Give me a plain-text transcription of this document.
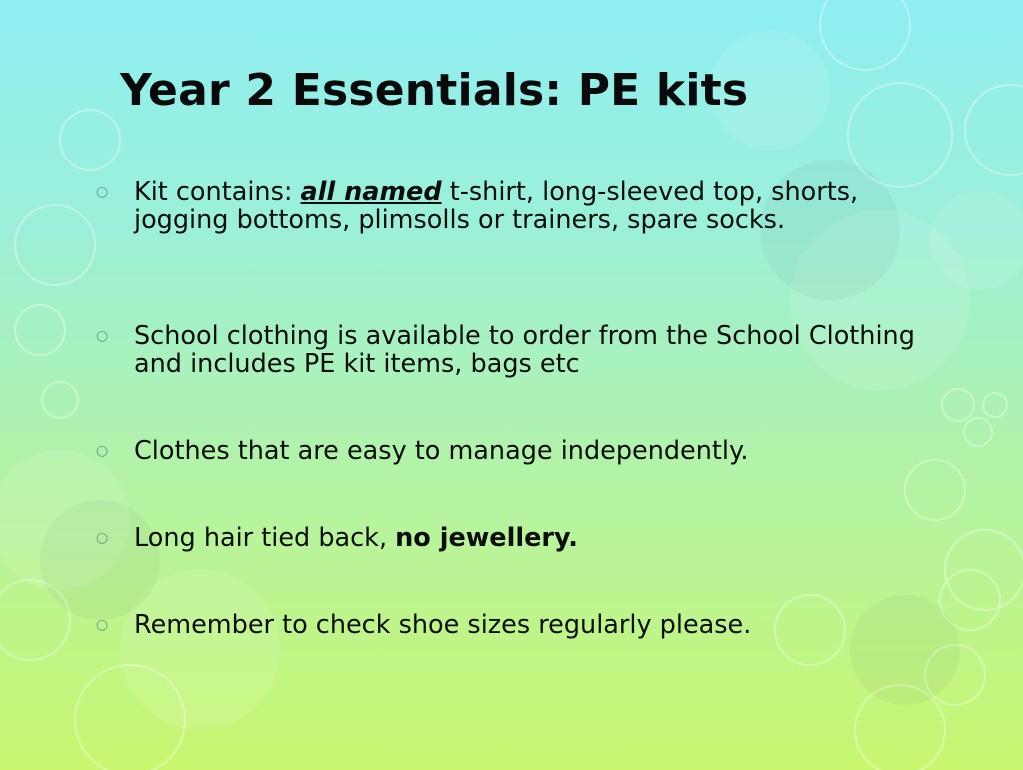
Year 2 Essentials: PE kits
○ Kit contains: all named t-shirt, long-sleeved top, shorts, jogging bottoms, plimsolls or trainers, spare socks.
○ School clothing is available to order from the School Clothing and includes PE kit items, bags etc
○ Clothes that are easy to manage independently.
○ Long hair tied back, no jewellery.
○ Remember to check shoe sizes regularly please.
